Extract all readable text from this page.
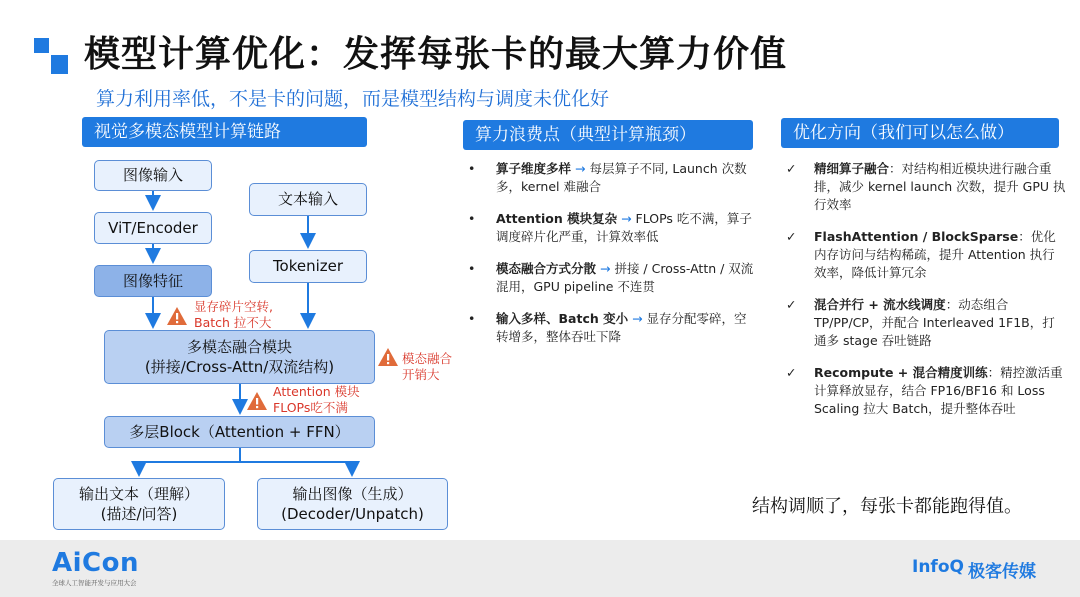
模型计算优化：发挥每张卡的最大算力价值
算力利用率低，不是卡的问题，而是模型结构与调度未优化好
视觉多模态模型计算链路	算力浪费点（典型计算瓶颈）	优化方向（我们可以怎么做）
图像输入
ViT/Encoder
图像特征
文本输入
Tokenizer
多模态融合模块
(拼接/Cross-Attn/双流结构)
多层Block（Attention + FFN）
输出文本（理解）
(描述/问答)
输出图像（生成）
(Decoder/Unpatch)
显存碎片空转,
Batch 拉不大
模态融合
开销大
Attention 模块
FLOPs吃不满
• 算子维度多样 → 每层算子不同, Launch 次数多，kernel 难融合
• Attention 模块复杂 → FLOPs 吃不满，算子调度碎片化严重，计算效率低
• 模态融合方式分散 → 拼接 / Cross-Attn / 双流混用，GPU pipeline 不连贯
• 输入多样、Batch 变小 → 显存分配零碎，空转增多，整体吞吐下降
✓ 精细算子融合：对结构相近模块进行融合重排，减少 kernel launch 次数，提升 GPU 执行效率
✓ FlashAttention / BlockSparse：优化内存访问与结构稀疏，提升 Attention 执行效率，降低计算冗余
✓ 混合并行 + 流水线调度：动态组合 TP/PP/CP，并配合 Interleaved 1F1B，打通多 stage 吞吐链路
✓ Recompute + 混合精度训练：精控激活重计算释放显存，结合 FP16/BF16 和 Loss Scaling 拉大 Batch，提升整体吞吐
结构调顺了，每张卡都能跑得值。
AiCon
全球人工智能开发与应用大会
InfoQ 极客传媒
